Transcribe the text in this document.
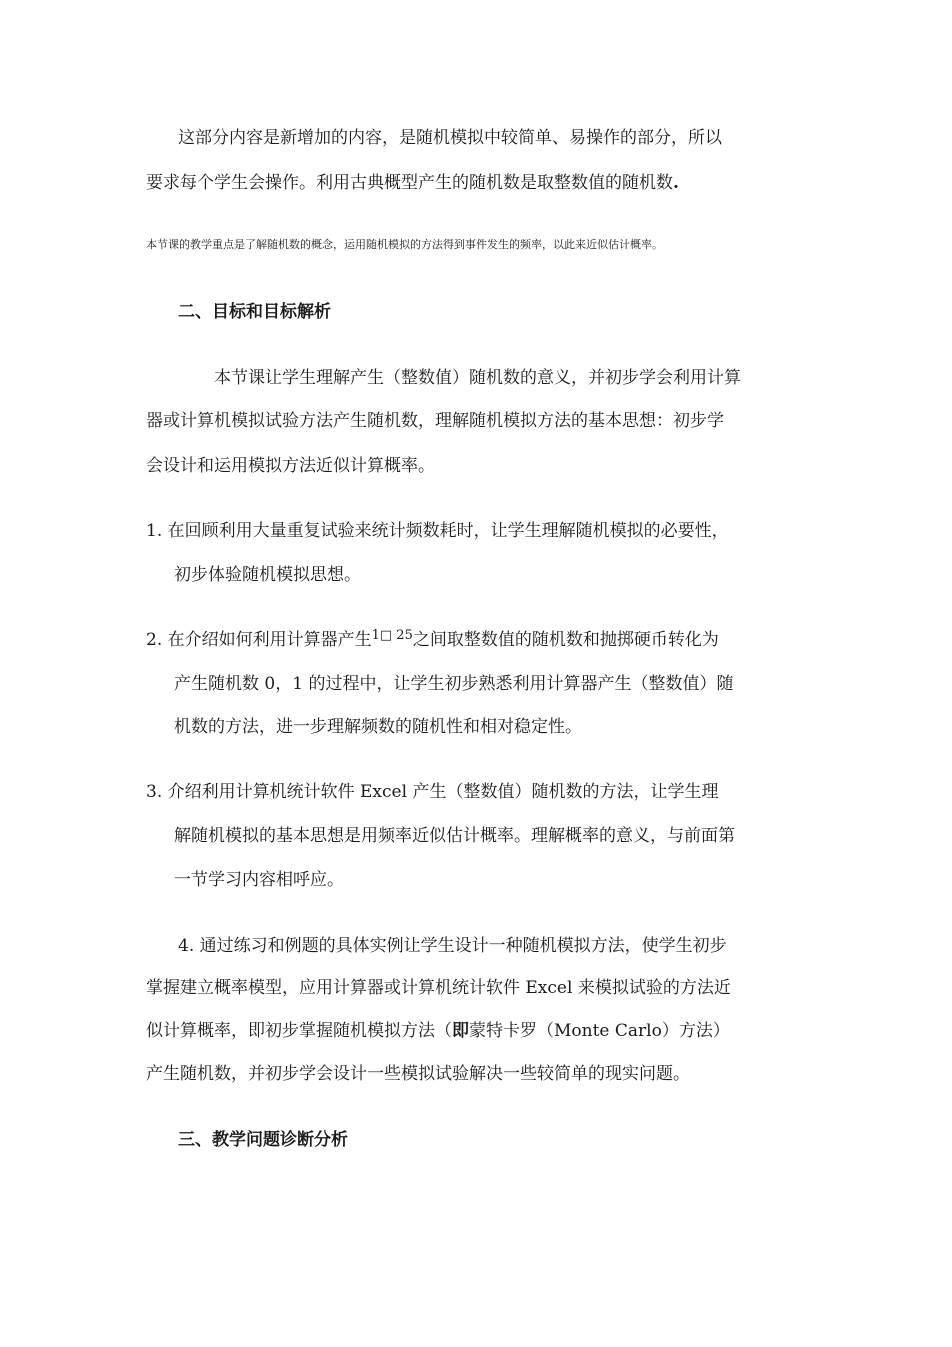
这部分内容是新增加的内容，是随机模拟中较简单、易操作的部分，所以
要求每个学生会操作。利用古典概型产生的随机数是取整数值的随机数.
本节课的教学重点是了解随机数的概念，运用随机模拟的方法得到事件发生的频率，以此来近似估计概率。
二、目标和目标解析
本节课让学生理解产生（整数值）随机数的意义，并初步学会利用计算
器或计算机模拟试验方法产生随机数，理解随机模拟方法的基本思想：初步学
会设计和运用模拟方法近似计算概率。
1. 在回顾利用大量重复试验来统计频数耗时，让学生理解随机模拟的必要性，
初步体验随机模拟思想。
2. 在介绍如何利用计算器产生$^{1□ 25}$之间取整数值的随机数和抛掷硬币转化为
产生随机数 0，1 的过程中，让学生初步熟悉利用计算器产生（整数值）随
机数的方法，进一步理解频数的随机性和相对稳定性。
3. 介绍利用计算机统计软件 Excel 产生（整数值）随机数的方法，让学生理
解随机模拟的基本思想是用频率近似估计概率。理解概率的意义，与前面第
一节学习内容相呼应。
4. 通过练习和例题的具体实例让学生设计一种随机模拟方法，使学生初步
掌握建立概率模型，应用计算器或计算机统计软件 Excel 来模拟试验的方法近
似计算概率，即初步掌握随机模拟方法（即蒙特卡罗（Monte Carlo）方法）
产生随机数，并初步学会设计一些模拟试验解决一些较简单的现实问题。
三、教学问题诊断分析
